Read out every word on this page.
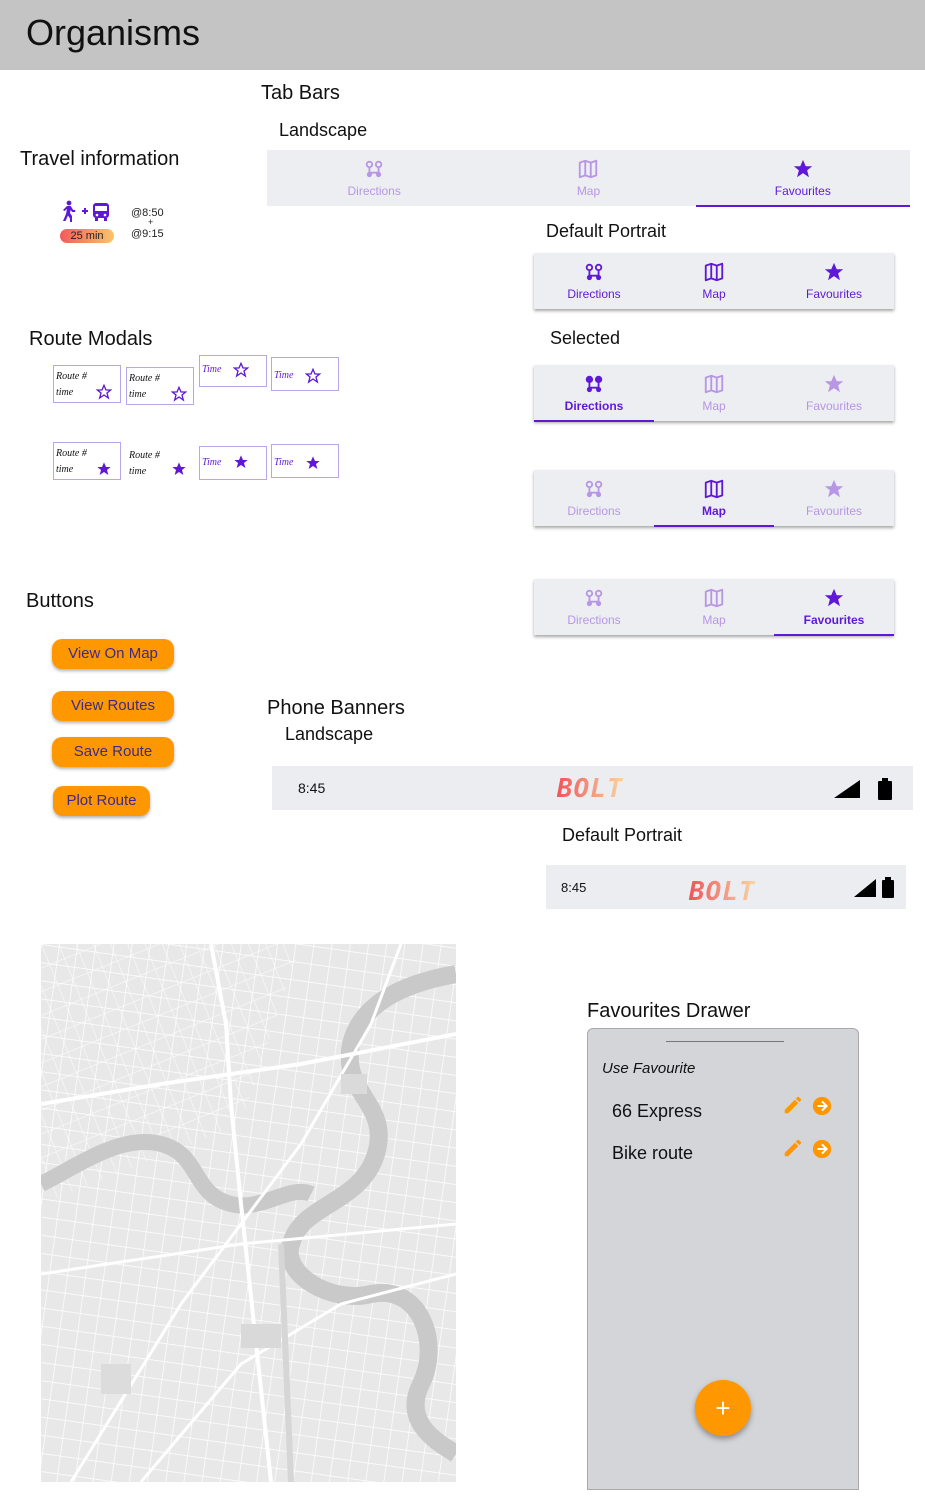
Organisms
Tab Bars
Landscape
Directions	Map	Favourites
Default Portrait
Directions	Map	Favourites
Selected
Directions	Map	Favourites
Directions	Map	Favourites
Directions	Map	Favourites
Travel information
25 min
@8:50
+
@9:15
Route Modals
Route #
time
Route #
time
Time
Time
Route #
time
Route #
time
Time	Time
Buttons
View On Map
View Routes
Save Route
Plot Route
Phone Banners
Landscape
8:45	BOLT
Default Portrait
8:45	BOLT
Favourites Drawer
Use Favourite
66 Express
Bike route
+
